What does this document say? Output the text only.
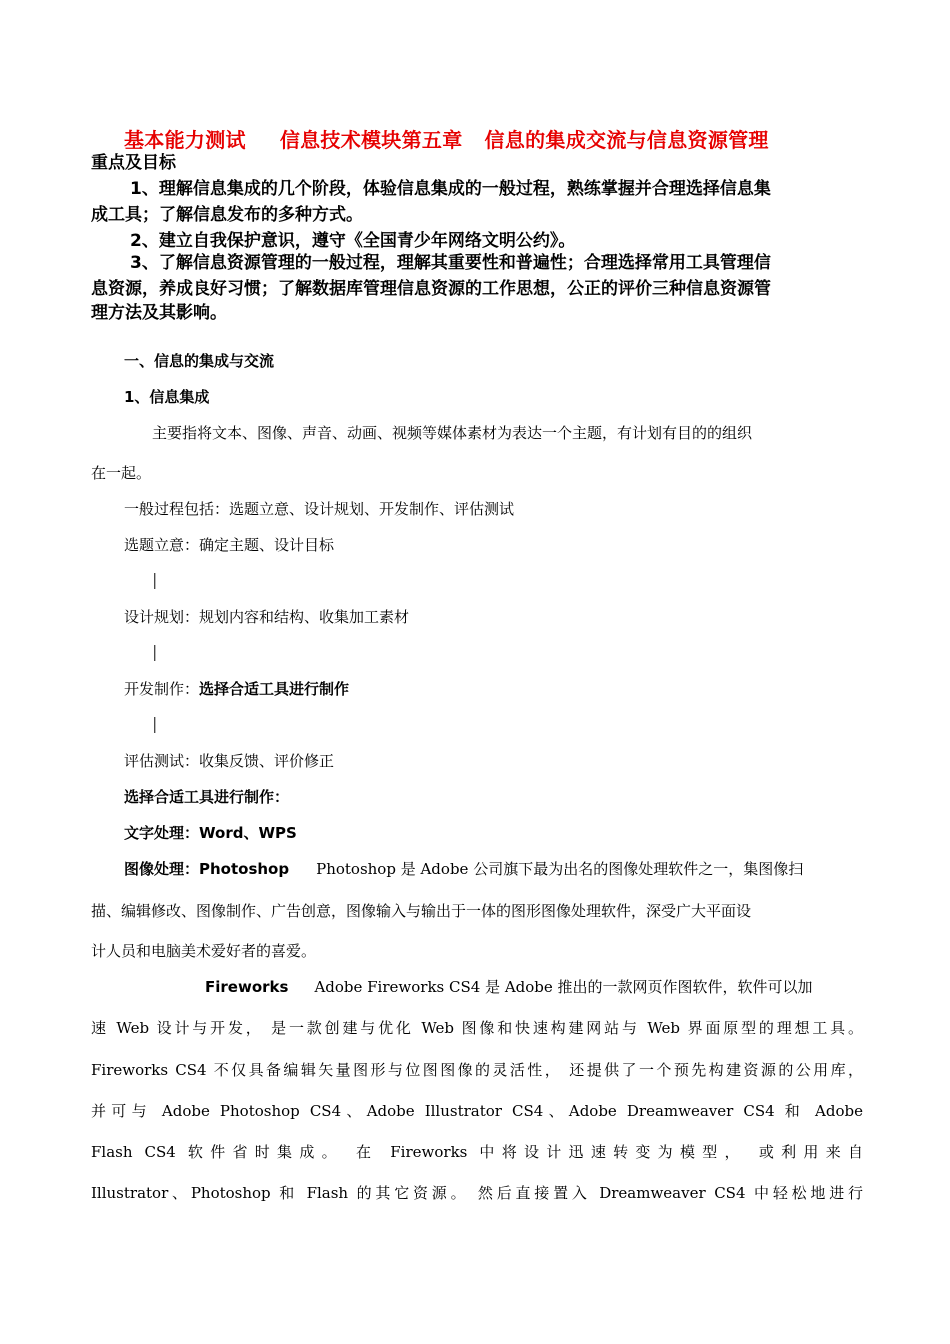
基本能力测试 信息技术模块第五章 信息的集成交流与信息资源管理
重点及目标
1、理解信息集成的几个阶段，体验信息集成的一般过程，熟练掌握并合理选择信息集
成工具；了解信息发布的多种方式。
2、建立自我保护意识，遵守《全国青少年网络文明公约》。
3、了解信息资源管理的一般过程，理解其重要性和普遍性；合理选择常用工具管理信
息资源，养成良好习惯；了解数据库管理信息资源的工作思想，公正的评价三种信息资源管
理方法及其影响。
一、信息的集成与交流
1、信息集成
主要指将文本、图像、声音、动画、视频等媒体素材为表达一个主题，有计划有目的的组织
在一起。
一般过程包括：选题立意、设计规划、开发制作、评估测试
选题立意：确定主题、设计目标
|
设计规划：规划内容和结构、收集加工素材
|
开发制作：选择合适工具进行制作
|
评估测试：收集反馈、评价修正
选择合适工具进行制作：
文字处理：Word、WPS
图像处理：Photoshop Photoshop 是 Adobe 公司旗下最为出名的图像处理软件之一，集图像扫
描、编辑修改、图像制作、广告创意，图像输入与输出于一体的图形图像处理软件，深受广大平面设
计人员和电脑美术爱好者的喜爱。
Fireworks Adobe Fireworks CS4 是 Adobe 推出的一款网页作图软件，软件可以加
速 Web 设计与开发， 是一款创建与优化 Web 图像和快速构建网站与 Web 界面原型的理想工具。
Fireworks CS4 不仅具备编辑矢量图形与位图图像的灵活性， 还提供了一个预先构建资源的公用库，
并可与 Adobe Photoshop CS4、Adobe Illustrator CS4、Adobe Dreamweaver CS4 和 Adobe
Flash CS4 软件省时集成。 在 Fireworks 中将设计迅速转变为模型， 或利用来自
Illustrator、Photoshop 和 Flash 的其它资源。 然后直接置入 Dreamweaver CS4 中轻松地进行
